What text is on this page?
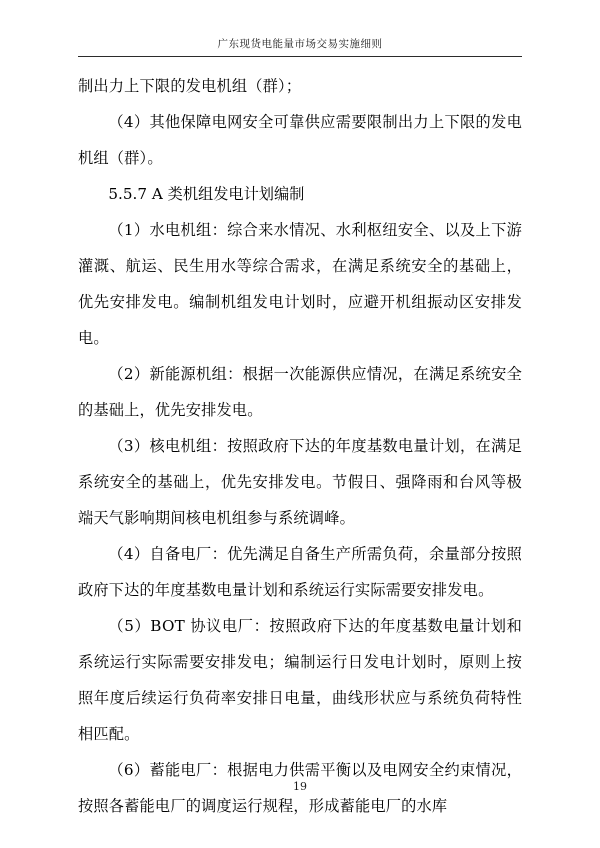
广东现货电能量市场交易实施细则

制出力上下限的发电机组（群）；

（4）其他保障电网安全可靠供应需要限制出力上下限的发电机组（群）。

5.5.7 A 类机组发电计划编制

（1）水电机组：综合来水情况、水利枢纽安全、以及上下游灌溉、航运、民生用水等综合需求，在满足系统安全的基础上，优先安排发电。编制机组发电计划时，应避开机组振动区安排发电。

（2）新能源机组：根据一次能源供应情况，在满足系统安全的基础上，优先安排发电。

（3）核电机组：按照政府下达的年度基数电量计划，在满足系统安全的基础上，优先安排发电。节假日、强降雨和台风等极端天气影响期间核电机组参与系统调峰。

（4）自备电厂：优先满足自备生产所需负荷，余量部分按照政府下达的年度基数电量计划和系统运行实际需要安排发电。

（5）BOT 协议电厂：按照政府下达的年度基数电量计划和系统运行实际需要安排发电；编制运行日发电计划时，原则上按照年度后续运行负荷率安排日电量，曲线形状应与系统负荷特性相匹配。

（6）蓄能电厂：根据电力供需平衡以及电网安全约束情况，按照各蓄能电厂的调度运行规程，形成蓄能电厂的水库

19
